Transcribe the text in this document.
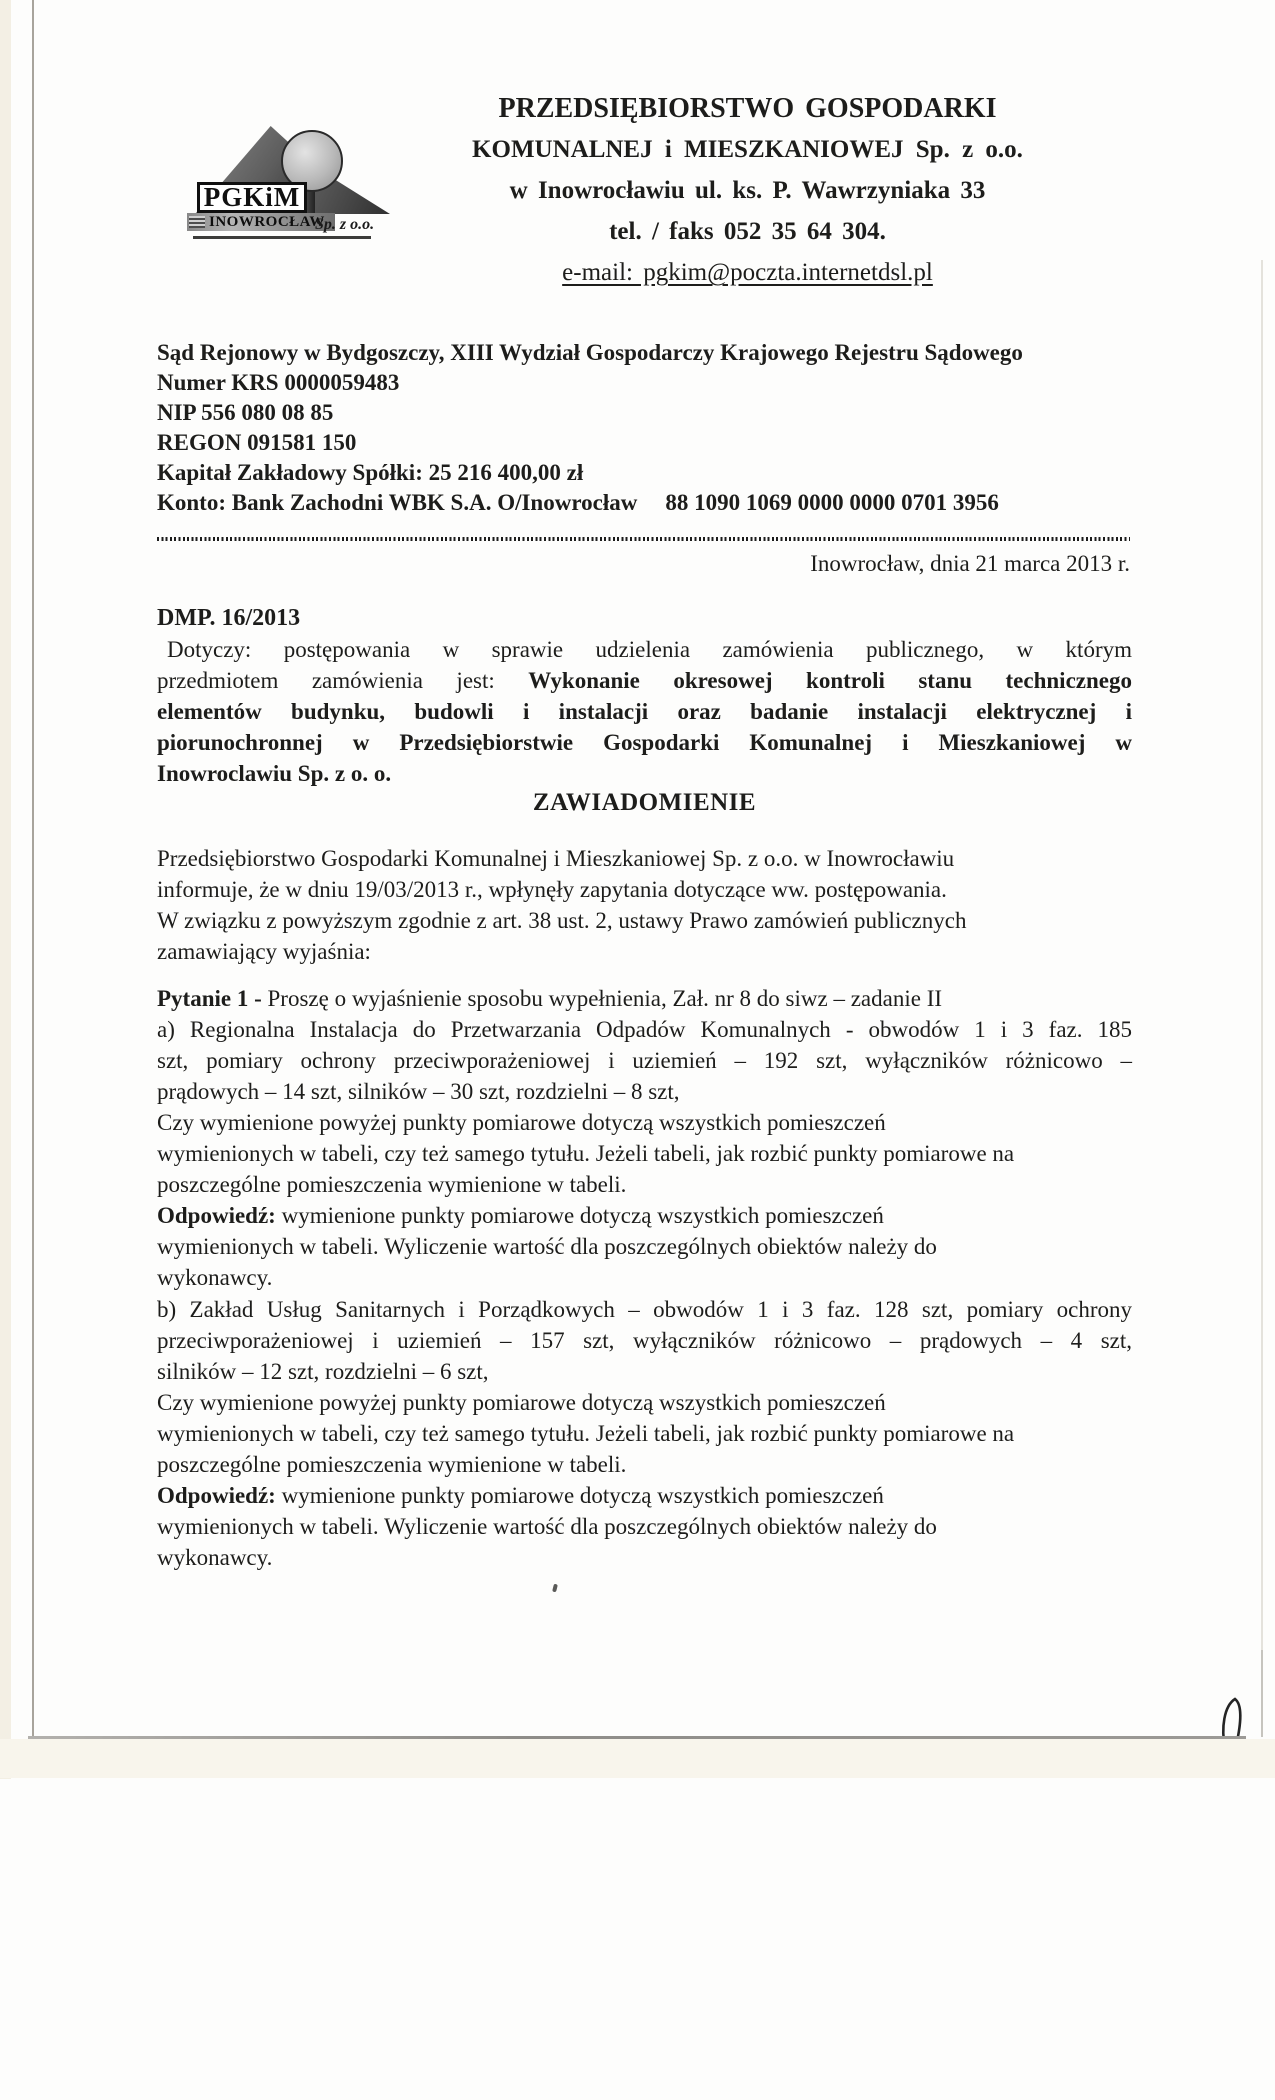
INOWROCŁAW
PGKiM
Sp. z o.o.
PRZEDSIĘBIORSTWO GOSPODARKI
KOMUNALNEJ i MIESZKANIOWEJ Sp. z o.o.
w Inowrocławiu ul. ks. P. Wawrzyniaka 33
tel. / faks 052 35 64 304.
e-mail: pgkim@poczta.internetdsl.pl
Sąd Rejonowy w Bydgoszczy, XIII Wydział Gospodarczy Krajowego Rejestru Sądowego
Numer KRS 0000059483
NIP 556 080 08 85
REGON 091581 150
Kapitał Zakładowy Spółki: 25 216 400,00 zł
Konto: Bank Zachodni WBK S.A. O/Inowrocław 88 1090 1069 0000 0000 0701 3956
Inowrocław, dnia 21 marca 2013 r.
DMP. 16/2013
Dotyczy: postępowania w sprawie udzielenia zamówienia publicznego, w którym
przedmiotem zamówienia jest: Wykonanie okresowej kontroli stanu technicznego
elementów budynku, budowli i instalacji oraz badanie instalacji elektrycznej i
piorunochronnej w Przedsiębiorstwie Gospodarki Komunalnej i Mieszkaniowej w
Inowroclawiu Sp. z o. o.
ZAWIADOMIENIE
Przedsiębiorstwo Gospodarki Komunalnej i Mieszkaniowej Sp. z o.o. w Inowrocławiu
informuje, że w dniu 19/03/2013 r., wpłynęły zapytania dotyczące ww. postępowania.
W związku z powyższym zgodnie z art. 38 ust. 2, ustawy Prawo zamówień publicznych
zamawiający wyjaśnia:
Pytanie 1 - Proszę o wyjaśnienie sposobu wypełnienia, Zał. nr 8 do siwz – zadanie II
a) Regionalna Instalacja do Przetwarzania Odpadów Komunalnych - obwodów 1 i 3 faz. 185
szt, pomiary ochrony przeciwporażeniowej i uziemień – 192 szt, wyłączników różnicowo –
prądowych – 14 szt, silników – 30 szt, rozdzielni – 8 szt,
Czy wymienione powyżej punkty pomiarowe dotyczą wszystkich pomieszczeń
wymienionych w tabeli, czy też samego tytułu. Jeżeli tabeli, jak rozbić punkty pomiarowe na
poszczególne pomieszczenia wymienione w tabeli.
Odpowiedź: wymienione punkty pomiarowe dotyczą wszystkich pomieszczeń
wymienionych w tabeli. Wyliczenie wartość dla poszczególnych obiektów należy do
wykonawcy.
b) Zakład Usług Sanitarnych i Porządkowych – obwodów 1 i 3 faz. 128 szt, pomiary ochrony
przeciwporażeniowej i uziemień – 157 szt, wyłączników różnicowo – prądowych – 4 szt,
silników – 12 szt, rozdzielni – 6 szt,
Czy wymienione powyżej punkty pomiarowe dotyczą wszystkich pomieszczeń
wymienionych w tabeli, czy też samego tytułu. Jeżeli tabeli, jak rozbić punkty pomiarowe na
poszczególne pomieszczenia wymienione w tabeli.
Odpowiedź: wymienione punkty pomiarowe dotyczą wszystkich pomieszczeń
wymienionych w tabeli. Wyliczenie wartość dla poszczególnych obiektów należy do
wykonawcy.
